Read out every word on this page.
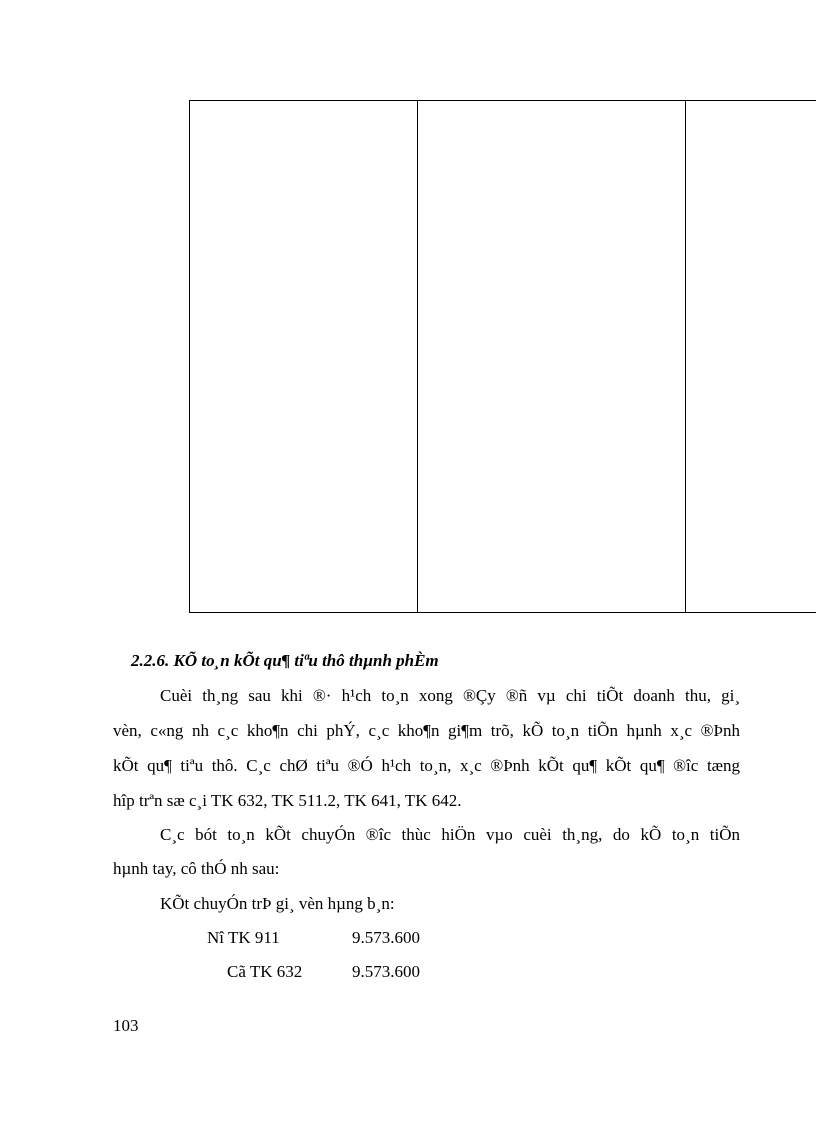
2.2.6. KÕ to¸n kÕt qu¶ tiªu thô thµnh phÈm
Cuèi th¸ng sau khi ®· h¹ch to¸n xong ®Çy ®ñ vµ chi tiÕt doanh thu, gi¸
vèn, c«ng nh c¸c kho¶n chi phÝ, c¸c kho¶n gi¶m trõ, kÕ to¸n tiÕn hµnh x¸c ®Þnh
kÕt qu¶ tiªu thô. C¸c chØ tiªu ®Ó h¹ch to¸n, x¸c ®Þnh kÕt qu¶ kÕt qu¶ ®îc tæng
hîp trªn sæ c¸i TK 632, TK 511.2, TK 641, TK 642.
C¸c bót to¸n kÕt chuyÓn ®îc thùc hiÖn vµo cuèi th¸ng, do kÕ to¸n tiÕn
hµnh tay, cô thÓ nh sau:
KÕt chuyÓn trÞ gi¸ vèn hµng b¸n:
Nî TK 911	9.573.600
Cã TK 632	9.573.600
103
